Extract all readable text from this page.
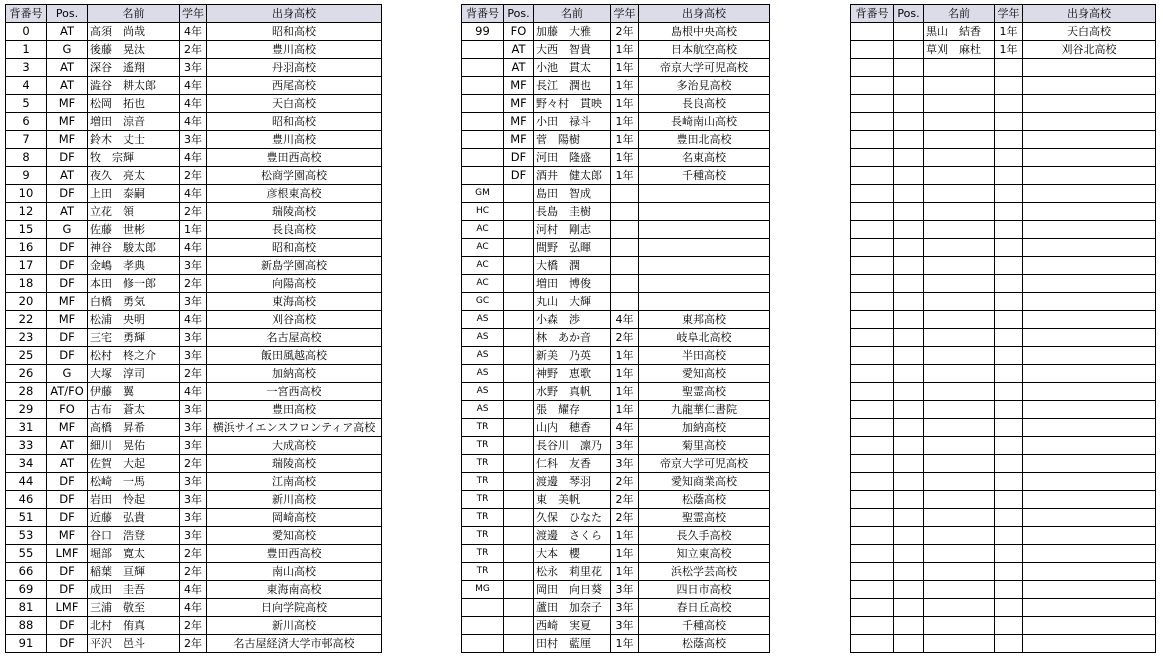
背番号	Pos.	名前	学年	出身高校
0	AT	高須　尚哉	4年	昭和高校
1	G	後藤　晃汰	2年	豊川高校
3	AT	深谷　遙翔	3年	丹羽高校
4	AT	澁谷　耕太郎	4年	西尾高校
5	MF	松岡　拓也	4年	天白高校
6	MF	増田　涼音	4年	昭和高校
7	MF	鈴木　丈士	3年	豊川高校
8	DF	牧　宗輝	4年	豊田西高校
9	AT	夜久　亮太	2年	松商学園高校
10	DF	上田　泰嗣	4年	彦根東高校
12	AT	立花　領	2年	瑞陵高校
15	G	佐藤　世彬	1年	長良高校
16	DF	神谷　駿太郎	4年	昭和高校
17	DF	金嶋　孝典	3年	新島学園高校
18	DF	本田　修一郎	2年	向陽高校
20	MF	白橋　勇気	3年	東海高校
22	MF	松浦　央明	4年	刈谷高校
23	DF	三宅　勇輝	3年	名古屋高校
25	DF	松村　柊之介	3年	飯田風越高校
26	G	大塚　淳司	2年	加納高校
28	AT/FO	伊藤　翼	4年	一宮西高校
29	FO	古布　蒼太	3年	豊田高校
31	MF	高橋　昇希	3年	横浜サイエンスフロンティア高校
33	AT	細川　晃佑	3年	大成高校
34	AT	佐賀　大起	2年	瑞陵高校
44	DF	松崎　一馬	3年	江南高校
46	DF	岩田　怜起	3年	新川高校
51	DF	近藤　弘貴	3年	岡崎高校
53	MF	谷口　浩登	3年	愛知高校
55	LMF	堀部　寛太	2年	豊田西高校
66	DF	稲葉　亘輝	2年	南山高校
69	DF	成田　圭吾	4年	東海南高校
81	LMF	三浦　敬至	4年	日向学院高校
88	DF	北村　侑真	2年	新川高校
91	DF	平沢　邑斗	2年	名古屋経済大学市邨高校
背番号	Pos.	名前	学年	出身高校
99	FO	加藤　大雅	2年	島根中央高校
	AT	大西　智貴	1年	日本航空高校
	AT	小池　貫太	1年	帝京大学可児高校
	MF	長江　潤也	1年	多治見高校
	MF	野々村　貫映	1年	長良高校
	MF	小田　禄斗	1年	長崎南山高校
	MF	菅　陽樹	1年	豊田北高校
	DF	河田　隆盛	1年	名東高校
	DF	酒井　健太郎	1年	千種高校
GM		島田　智成		
HC		長島　圭樹		
AC		河村　剛志		
AC		間野　弘暉		
AC		大橋　潤		
AC		増田　博俊		
GC		丸山　大輝		
AS		小森　渉	4年	東邦高校
AS		林　あか音	2年	岐阜北高校
AS		新美　乃英	1年	半田高校
AS		神野　恵歌	1年	愛知高校
AS		水野　真帆	1年	聖霊高校
AS		張　耀存	1年	九龍華仁書院
TR		山内　穂香	4年	加納高校
TR		長谷川　凛乃	3年	菊里高校
TR		仁科　友香	3年	帝京大学可児高校
TR		渡邊　琴羽	2年	愛知商業高校
TR		東　美帆	2年	松蔭高校
TR		久保　ひなた	2年	聖霊高校
TR		渡邊　さくら	1年	長久手高校
TR		大本　櫻	1年	知立東高校
TR		松永　莉里花	1年	浜松学芸高校
MG		岡田　向日葵	3年	四日市高校
		蘆田　加奈子	3年	春日丘高校
		西崎　実夏	3年	千種高校
		田村　藍厘	1年	松蔭高校
背番号	Pos.	名前	学年	出身高校
		黒山　結香	1年	天白高校
		草刈　麻杜	1年	刈谷北高校
